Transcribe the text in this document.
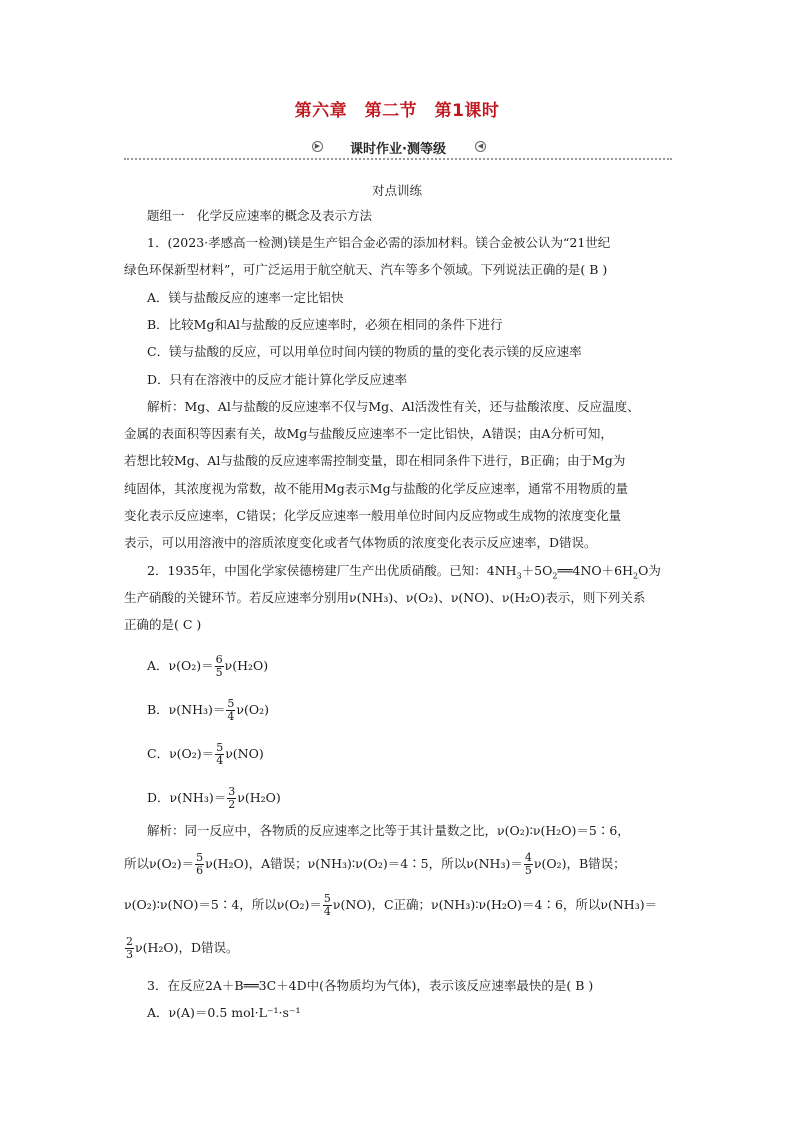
第六章　第二节　第1课时
▶	课时作业·测等级	◀
对点训练
题组一　化学反应速率的概念及表示方法
1．(2023·孝感高一检测)镁是生产铝合金必需的添加材料。镁合金被公认为“21世纪
绿色环保新型材料”，可广泛运用于航空航天、汽车等多个领域。下列说法正确的是( B )
A．镁与盐酸反应的速率一定比铝快
B．比较Mg和Al与盐酸的反应速率时，必须在相同的条件下进行
C．镁与盐酸的反应，可以用单位时间内镁的物质的量的变化表示镁的反应速率
D．只有在溶液中的反应才能计算化学反应速率
解析：Mg、Al与盐酸的反应速率不仅与Mg、Al活泼性有关，还与盐酸浓度、反应温度、
金属的表面积等因素有关，故Mg与盐酸反应速率不一定比铝快，A错误；由A分析可知，
若想比较Mg、Al与盐酸的反应速率需控制变量，即在相同条件下进行，B正确；由于Mg为
纯固体，其浓度视为常数，故不能用Mg表示Mg与盐酸的化学反应速率，通常不用物质的量
变化表示反应速率，C错误；化学反应速率一般用单位时间内反应物或生成物的浓度变化量
表示，可以用溶液中的溶质浓度变化或者气体物质的浓度变化表示反应速率，D错误。
2．1935年，中国化学家侯德榜建厂生产出优质硝酸。已知：$4NH_3+5O_2══4NO+6H_2O$为
生产硝酸的关键环节。若反应速率分别用ν(NH₃)、ν(O₂)、ν(NO)、ν(H₂O)表示，则下列关系
正确的是( C )
A．$\nu(O_2)= \frac{6}{5} \nu(H_2O)$
B．$\nu(NH_3)= \frac{5}{4} \nu(O_2)$
C．$\nu(O_2)= \frac{5}{4} \nu(NO)$
D．$\nu(NH_3)= \frac{3}{2} \nu(H_2O)$
解析：同一反应中，各物质的反应速率之比等于其计量数之比，ν(O₂)∶ν(H₂O)＝5∶6，
所以$\nu(O_2)= \frac{5}{6} \nu(H_2O)$，A错误；ν(NH₃)∶ν(O₂)＝4∶5，所以$\nu(NH_3)= \frac{4}{5} \nu(O_2)$，B错误；
ν(O₂)∶ν(NO)＝5∶4，所以$\nu(O_2)= \frac{5}{4} \nu(NO)$，C正确；ν(NH₃)∶ν(H₂O)＝4∶6，所以ν(NH₃)＝
$\frac{2}{3} \nu(H_2O)$，D错误。
3．在反应2A＋B══3C＋4D中(各物质均为气体)，表示该反应速率最快的是( B )
A．ν(A)＝0.5 mol·L⁻¹·s⁻¹
